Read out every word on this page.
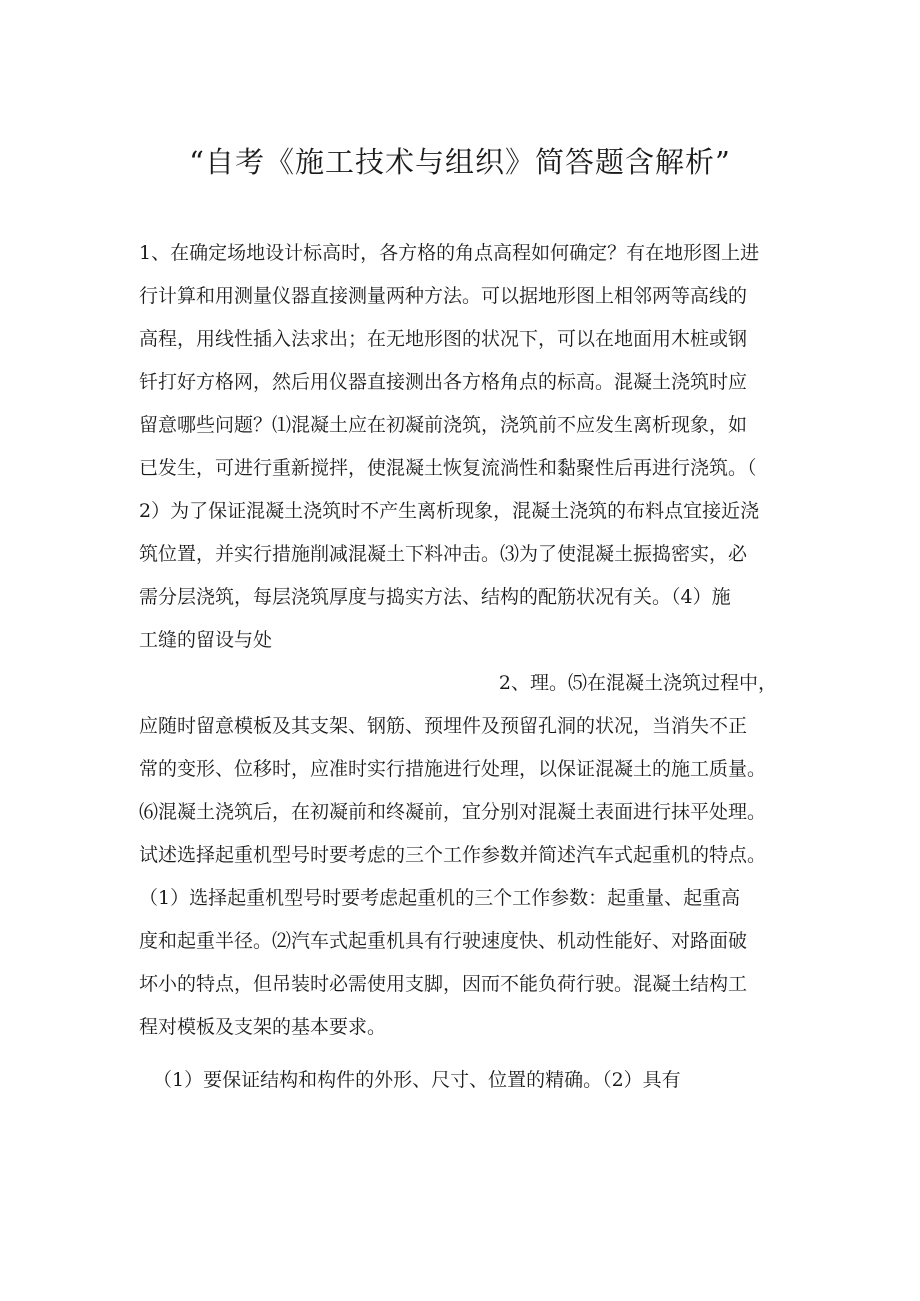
“自考《施工技术与组织》简答题含解析”
1、在确定场地设计标高时，各方格的角点高程如何确定？有在地形图上进
行计算和用测量仪器直接测量两种方法。可以据地形图上相邻两等高线的
高程，用线性插入法求出；在无地形图的状况下，可以在地面用木桩或钢
钎打好方格网，然后用仪器直接测出各方格角点的标高。混凝土浇筑时应
留意哪些问题？⑴混凝土应在初凝前浇筑，浇筑前不应发生离析现象，如
已发生，可进行重新搅拌，使混凝土恢复流淌性和黏聚性后再进行浇筑。（
2）为了保证混凝土浇筑时不产生离析现象，混凝土浇筑的布料点宜接近浇
筑位置，并实行措施削减混凝土下料冲击。⑶为了使混凝土振捣密实，必
需分层浇筑，每层浇筑厚度与捣实方法、结构的配筋状况有关。（4）施
工缝的留设与处
2、理。⑸在混凝土浇筑过程中，
应随时留意模板及其支架、钢筋、预埋件及预留孔洞的状况，当消失不正
常的变形、位移时，应准时实行措施进行处理，以保证混凝土的施工质量。
⑹混凝土浇筑后，在初凝前和终凝前，宜分别对混凝土表面进行抹平处理。
试述选择起重机型号时要考虑的三个工作参数并简述汽车式起重机的特点。
（1）选择起重机型号时要考虑起重机的三个工作参数：起重量、起重高
度和起重半径。⑵汽车式起重机具有行驶速度快、机动性能好、对路面破
坏小的特点，但吊装时必需使用支脚，因而不能负荷行驶。混凝土结构工
程对模板及支架的基本要求。
（1）要保证结构和构件的外形、尺寸、位置的精确。（2）具有
